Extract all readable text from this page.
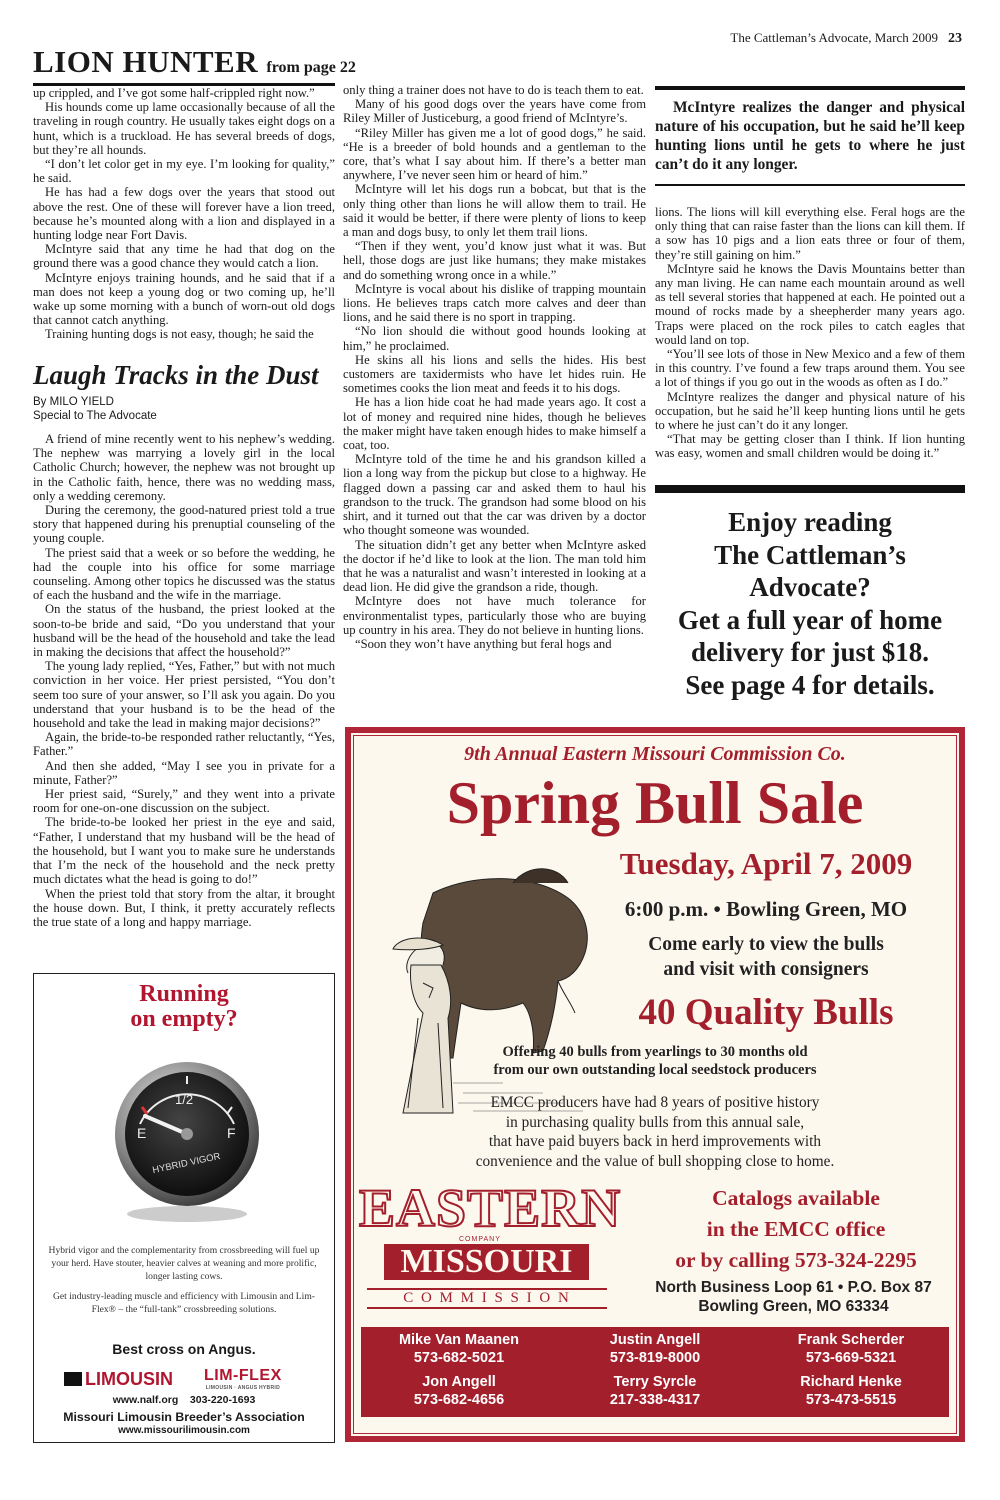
The Cattleman’s Advocate, March 2009 23
LION HUNTER from page 22

up crippled, and I’ve got some half-crippled right now.”

His hounds come up lame occasionally because of all the traveling in rough country. He usually takes eight dogs on a hunt, which is a truckload. He has several breeds of dogs, but they’re all hounds.

“I don’t let color get in my eye. I’m looking for quality,” he said.

He has had a few dogs over the years that stood out above the rest. One of these will forever have a lion treed, because he’s mounted along with a lion and displayed in a hunting lodge near Fort Davis.

McIntyre said that any time he had that dog on the ground there was a good chance they would catch a lion.

McIntyre enjoys training hounds, and he said that if a man does not keep a young dog or two coming up, he’ll wake up some morning with a bunch of worn-out old dogs that cannot catch anything.

Training hunting dogs is not easy, though; he said the

Laugh Tracks in the Dust
By MILO YIELD
Special to The Advocate

A friend of mine recently went to his nephew’s wedding. The nephew was marrying a lovely girl in the local Catholic Church; however, the nephew was not brought up in the Catholic faith, hence, there was no wedding mass, only a wedding ceremony.

During the ceremony, the good-natured priest told a true story that happened during his prenuptial counseling of the young couple.

The priest said that a week or so before the wedding, he had the couple into his office for some marriage counseling. Among other topics he discussed was the status of each the husband and the wife in the marriage.

On the status of the husband, the priest looked at the soon-to-be bride and said, “Do you understand that your husband will be the head of the household and take the lead in making the decisions that affect the household?”

The young lady replied, “Yes, Father,” but with not much conviction in her voice. Her priest persisted, “You don’t seem too sure of your answer, so I’ll ask you again. Do you understand that your husband is to be the head of the household and take the lead in making major decisions?”

Again, the bride-to-be responded rather reluctantly, “Yes, Father.”

And then she added, “May I see you in private for a minute, Father?”

Her priest said, “Surely,” and they went into a private room for one-on-one discussion on the subject.

The bride-to-be looked her priest in the eye and said, “Father, I understand that my husband will be the head of the household, but I want you to make sure he understands that I’m the neck of the household and the neck pretty much dictates what the head is going to do!”

When the priest told that story from the altar, it brought the house down. But, I think, it pretty accurately reflects the true state of a long and happy marriage.

only thing a trainer does not have to do is teach them to eat.

Many of his good dogs over the years have come from Riley Miller of Justiceburg, a good friend of McIntyre’s.

“Riley Miller has given me a lot of good dogs,” he said. “He is a breeder of bold hounds and a gentleman to the core, that’s what I say about him. If there’s a better man anywhere, I’ve never seen him or heard of him.”

McIntyre will let his dogs run a bobcat, but that is the only thing other than lions he will allow them to trail. He said it would be better, if there were plenty of lions to keep a man and dogs busy, to only let them trail lions.

“Then if they went, you’d know just what it was. But hell, those dogs are just like humans; they make mistakes and do something wrong once in a while.”

McIntyre is vocal about his dislike of trapping mountain lions. He believes traps catch more calves and deer than lions, and he said there is no sport in trapping.

“No lion should die without good hounds looking at him,” he proclaimed.

He skins all his lions and sells the hides. His best customers are taxidermists who have let hides ruin. He sometimes cooks the lion meat and feeds it to his dogs.

He has a lion hide coat he had made years ago. It cost a lot of money and required nine hides, though he believes the maker might have taken enough hides to make himself a coat, too.

McIntyre told of the time he and his grandson killed a lion a long way from the pickup but close to a highway. He flagged down a passing car and asked them to haul his grandson to the truck. The grandson had some blood on his shirt, and it turned out that the car was driven by a doctor who thought someone was wounded.

The situation didn’t get any better when McIntyre asked the doctor if he’d like to look at the lion. The man told him that he was a naturalist and wasn’t interested in looking at a dead lion. He did give the grandson a ride, though.

McIntyre does not have much tolerance for environmentalist types, particularly those who are buying up country in his area. They do not believe in hunting lions.

“Soon they won’t have anything but feral hogs and

McIntyre realizes the danger and physical nature of his occupation, but he said he’ll keep hunting lions until he gets to where he just can’t do it any longer.

lions. The lions will kill everything else. Feral hogs are the only thing that can raise faster than the lions can kill them. If a sow has 10 pigs and a lion eats three or four of them, they’re still gaining on him.”

McIntyre said he knows the Davis Mountains better than any man living. He can name each mountain around as well as tell several stories that happened at each. He pointed out a mound of rocks made by a sheepherder many years ago. Traps were placed on the rock piles to catch eagles that would land on top.

“You’ll see lots of those in New Mexico and a few of them in this country. I’ve found a few traps around them. You see a lot of things if you go out in the woods as often as I do.”

McIntyre realizes the danger and physical nature of his occupation, but he said he’ll keep hunting lions until he gets to where he just can’t do it any longer.

“That may be getting closer than I think. If lion hunting was easy, women and small children would be doing it.”

Enjoy reading
The Cattleman’s
Advocate?
Get a full year of home
delivery for just $18.
See page 4 for details.
Running
on empty?
E
1/2
F
HYBRID VIGOR
Hybrid vigor and the complementarity from crossbreeding will fuel up your herd. Have stouter, heavier calves at weaning and more prolific, longer lasting cows.
Get industry-leading muscle and efficiency with Limousin and Lim-Flex® – the “full-tank” crossbreeding solutions.
Best cross on Angus.
LIMOUSIN LIM-FLEX
LIMOUSIN · ANGUS HYBRID
www.nalf.org 303-220-1693
Missouri Limousin Breeder’s Association
www.missourilimousin.com
9th Annual Eastern Missouri Commission Co.
Spring Bull Sale
Tuesday, April 7, 2009
6:00 p.m. • Bowling Green, MO
Come early to view the bulls
and visit with consigners
40 Quality Bulls
Offering 40 bulls from yearlings to 30 months old
from our own outstanding local seedstock producers
EMCC producers have had 8 years of positive history
in purchasing quality bulls from this annual sale,
that have paid buyers back in herd improvements with
convenience and the value of bull shopping close to home.
EASTERN
COMPANY
MISSOURI
C O M M I S S I O N
Catalogs available
in the EMCC office
or by calling 573-324-2295
North Business Loop 61 • P.O. Box 87
Bowling Green, MO 63334
Mike Van Maanen
573-682-5021
Justin Angell
573-819-8000
Frank Scherder
573-669-5321
Jon Angell
573-682-4656
Terry Syrcle
217-338-4317
Richard Henke
573-473-5515
